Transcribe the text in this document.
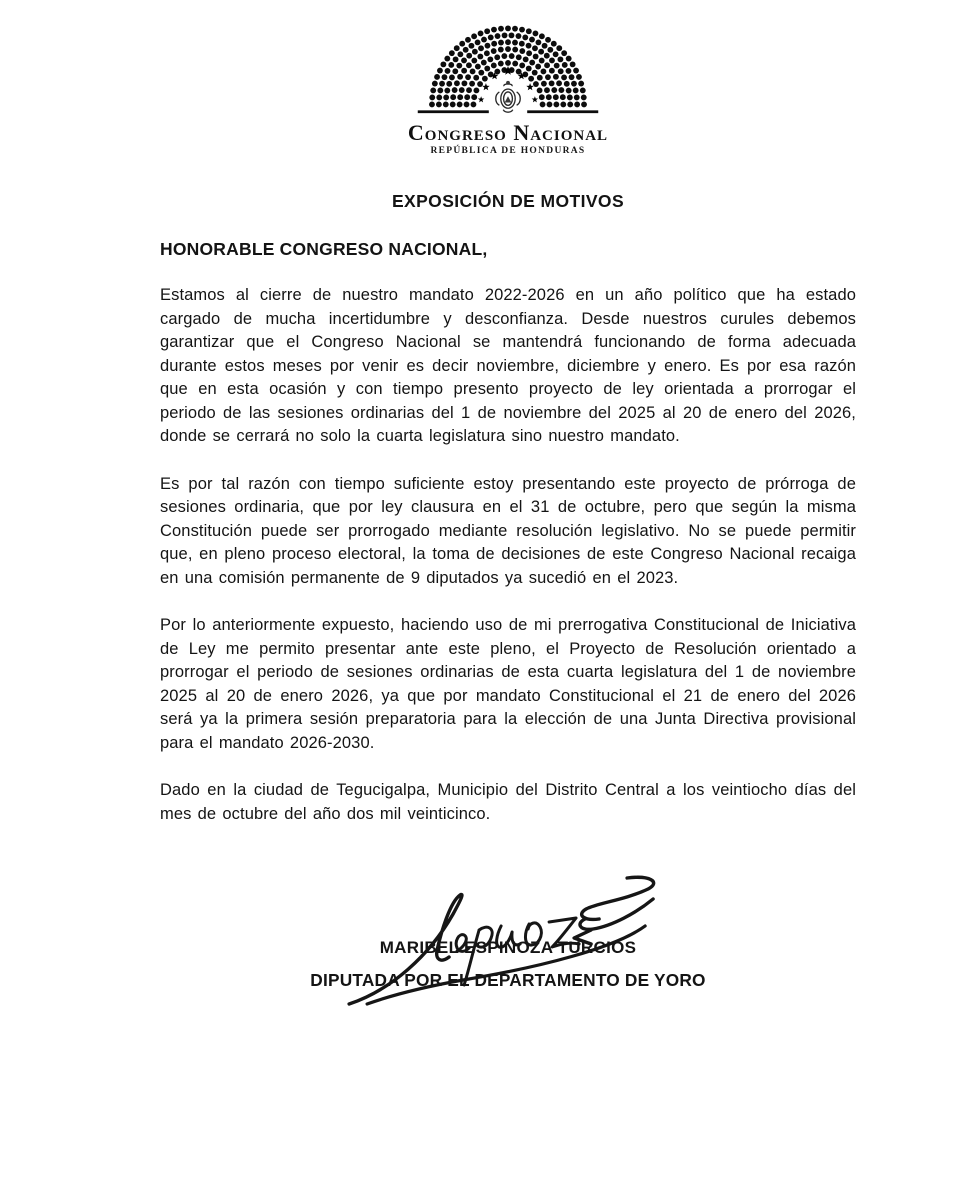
Congreso Nacional
REPÚBLICA DE HONDURAS
EXPOSICIÓN DE MOTIVOS
HONORABLE CONGRESO NACIONAL,

Estamos al cierre de nuestro mandato 2022-2026 en un año político que ha estado cargado de mucha incertidumbre y desconfianza. Desde nuestros curules debemos garantizar que el Congreso Nacional se mantendrá funcionando de forma adecuada durante estos meses por venir es decir noviembre, diciembre y enero. Es por esa razón que en esta ocasión y con tiempo presento proyecto de ley orientada a prorrogar el periodo de las sesiones ordinarias del 1 de noviembre del 2025 al 20 de enero del 2026, donde se cerrará no solo la cuarta legislatura sino nuestro mandato.

Es por tal razón con tiempo suficiente estoy presentando este proyecto de prórroga de sesiones ordinaria, que por ley clausura en el 31 de octubre, pero que según la misma Constitución puede ser prorrogado mediante resolución legislativo. No se puede permitir que, en pleno proceso electoral, la toma de decisiones de este Congreso Nacional recaiga en una comisión permanente de 9 diputados ya sucedió en el 2023.

Por lo anteriormente expuesto, haciendo uso de mi prerrogativa Constitucional de Iniciativa de Ley me permito presentar ante este pleno, el Proyecto de Resolución orientado a prorrogar el periodo de sesiones ordinarias de esta cuarta legislatura del 1 de noviembre 2025 al 20 de enero 2026, ya que por mandato Constitucional el 21 de enero del 2026 será ya la primera sesión preparatoria para la elección de una Junta Directiva provisional para el mandato 2026-2030.

Dado en la ciudad de Tegucigalpa, Municipio del Distrito Central a los veintiocho días del mes de octubre del año dos mil veinticinco.

MARIBEL ESPINOZA TURCIOS

DIPUTADA POR EL DEPARTAMENTO DE YORO
